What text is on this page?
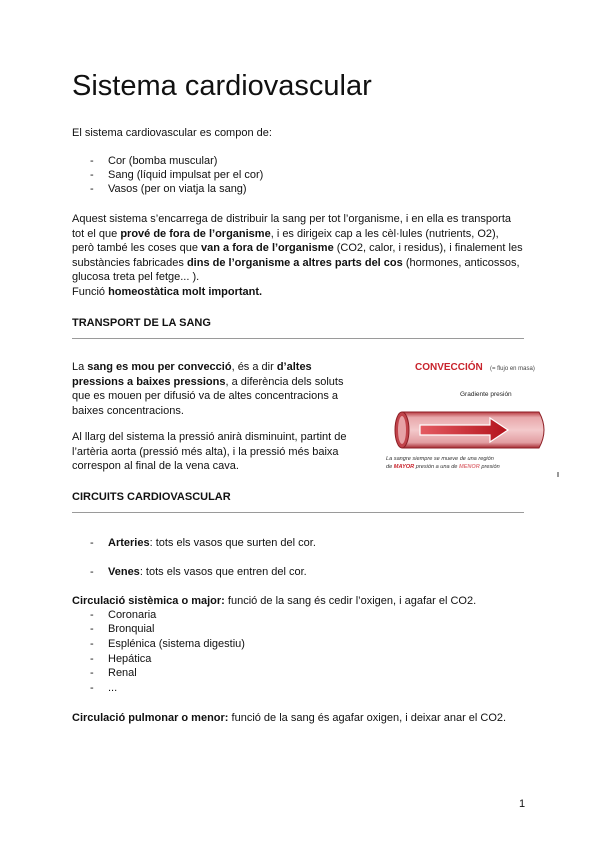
Sistema cardiovascular
El sistema cardiovascular es compon de:
- Cor (bomba muscular)
- Sang (líquid impulsat per el cor)
- Vasos (per on viatja la sang)
Aquest sistema s’encarrega de distribuir la sang per tot l’organisme, i en ella es transporta
tot el que prové de fora de l’organisme, i es dirigeix cap a les cèl·lules (nutrients, O2),
però també les coses que van a fora de l’organisme (CO2, calor, i residus), i finalement les
substàncies fabricades dins de l’organisme a altres parts del cos (hormones, anticossos,
glucosa treta pel fetge... ).
Funció homeostàtica molt important.
TRANSPORT DE LA SANG
La sang es mou per convecció, és a dir d’altes
pressions a baixes pressions, a diferència dels soluts
que es mouen per difusió va de altes concentracions a
baixes concentracions.
Al llarg del sistema la pressió anirà disminuint, partint de
l’artèria aorta (pressió més alta), i la pressió més baixa
correspon al final de la vena cava.
CONVECCIÓN (= flujo en masa)
Gradiente presión
La sangre siempre se mueve de una región
de MAYOR presión a una de MENOR presión
CIRCUITS CARDIOVASCULAR
- Arteries: tots els vasos que surten del cor.
- Venes: tots els vasos que entren del cor.
Circulació sistèmica o major: funció de la sang és cedir l’oxigen, i agafar el CO2.
- Coronaria
- Bronquial
- Esplénica (sistema digestiu)
- Hepática
- Renal
- ...
Circulació pulmonar o menor: funció de la sang és agafar oxigen, i deixar anar el CO2.
1
